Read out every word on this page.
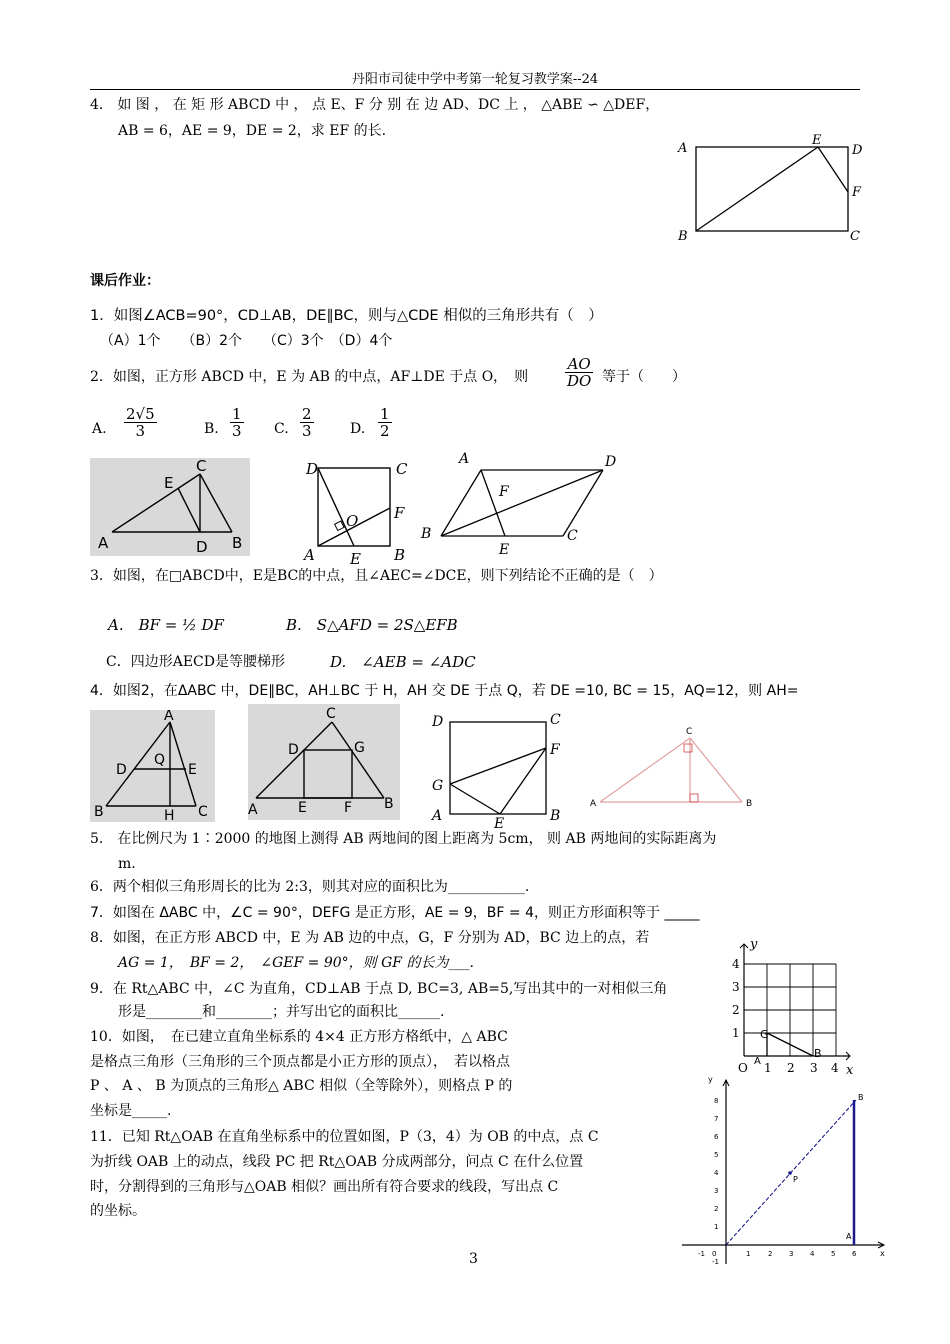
丹阳市司徒中学中考第一轮复习教学案--24
4． 如 图 ， 在 矩 形 ABCD 中 ， 点 E、F 分 别 在 边 AD、DC 上 ， △ABE ∽ △DEF，
AB = 6，AE = 9，DE = 2，求 EF 的长.
A
E
D
F
B	C
课后作业：
1．如图∠ACB=90°，CD⊥AB，DE∥BC，则与△CDE 相似的三角形共有（　）
（A）1个　　（B）2个　　（C）3个　（D）4个
2．如图，正方形 ABCD 中，E 为 AB 的中点，AF⊥DE 于点 O，　则 $\frac{AO}{DO}$ 等于（　　）
A. $\frac{2√5}{3}$	B. $\frac{1}{3} C$. $\frac{2}{3}$	D. $\frac{1}{2}$
C
E
A	D B
D	C
F
O
A E B
A	D
F
B
E
C
3．如图，在□ABCD中，E是BC的中点，且∠AEC=∠DCE，则下列结论不正确的是（　）
A.　BF = ½ DF	B.　S△AFD = 2S△EFB
C．四边形AECD是等腰梯形	D.　∠AEB = ∠ADC
4．如图2，在ΔABC 中，DE∥BC，AH⊥BC 于 H，AH 交 DE 于点 Q，若 DE =10, BC = 15，AQ=12，则 AH=
A
D
Q
E
B	H C
C
D	G
A	E	F B
D	C
F
G
A	E	B
C
A	B
5． 在比例尺为 1∶2000 的地图上测得 AB 两地间的图上距离为 5cm， 则 AB 两地间的实际距离为
m.
6．两个相似三角形周长的比为 2:3，则其对应的面积比为___________.
7．如图在 ΔABC 中，∠C = 90°，DEFG 是正方形，AE = 9，BF = 4，则正方形面积等于 _____
8．如图，在正方形 ABCD 中，E 为 AB 边的中点，G，F 分别为 AD，BC 边上的点，若
AG = 1，　BF = 2，　∠GEF = 90°，则 GF 的长为___.
9．在 Rt△ABC 中，∠C 为直角，CD⊥AB 于点 D, BC=3, AB=5,写出其中的一对相似三角
形是________和________；并写出它的面积比______.
10．如图，　在已建立直角坐标系的 4×4 正方形方格纸中，△ ABC
是格点三角形（三角形的三个顶点都是小正方形的顶点），　若以格点
P 、 A 、 B 为顶点的三角形△ ABC 相似（全等除外），则格点 P 的
坐标是_____.
y
x
O 1 2 3 4
1
2
3
4
G
A
B
11．已知 Rt△OAB 在直角坐标系中的位置如图，P（3，4）为 OB 的中点，点 C
为折线 OAB 上的动点，线段 PC 把 Rt△OAB 分成两部分，问点 C 在什么位置
时，分割得到的三角形与△OAB 相似？画出所有符合要求的线段，写出点 C
的坐标。
y
x
B
P
A
-1 0	1	2 3 4 5 6
8
7
6
5
4
3
2
1
-1
3
